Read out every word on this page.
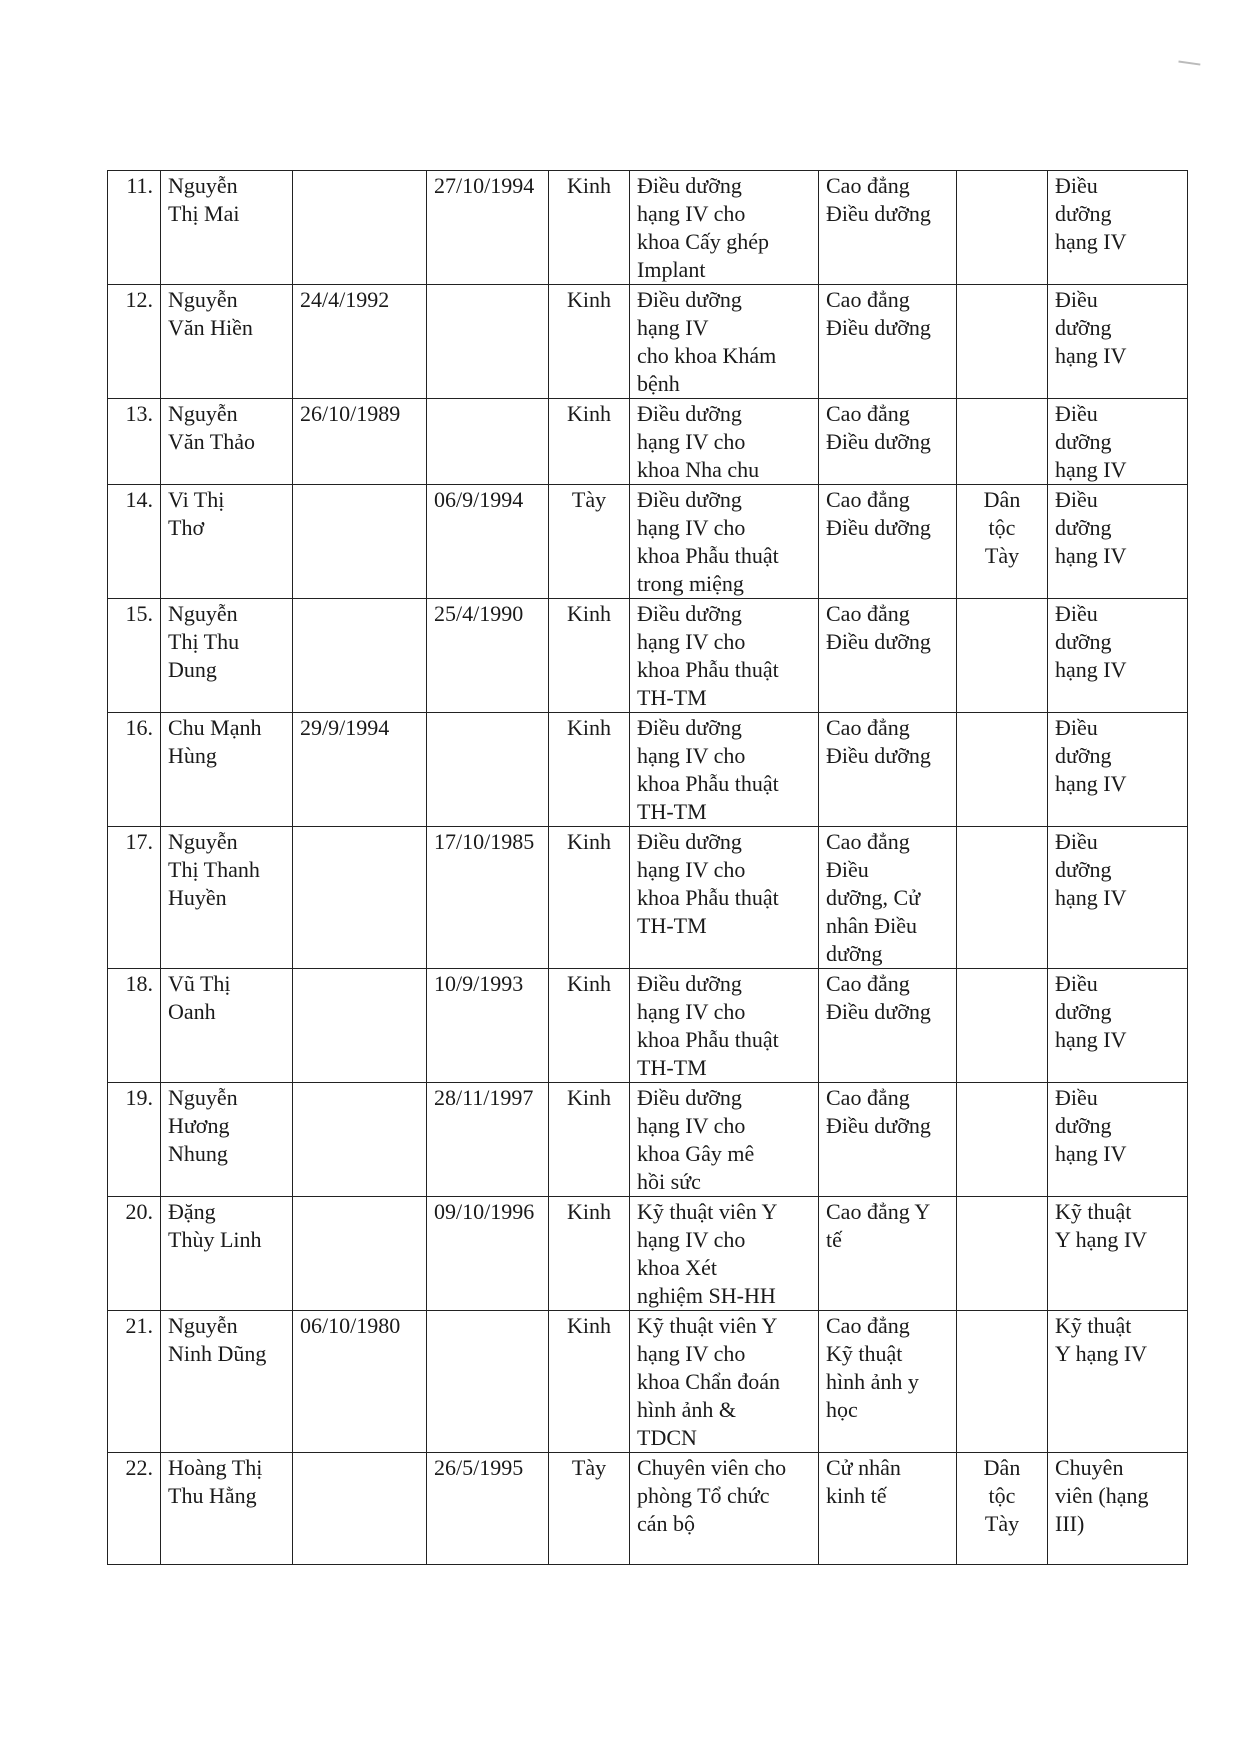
11.	Nguyễn
Thị Mai		27/10/1994	Kinh	Điều dưỡng
hạng IV cho
khoa Cấy ghép
Implant	Cao đẳng
Điều dưỡng		Điều
dưỡng
hạng IV
12.	Nguyễn
Văn Hiền	24/4/1992		Kinh	Điều dưỡng
hạng IV
cho khoa Khám
bệnh	Cao đẳng
Điều dưỡng		Điều
dưỡng
hạng IV
13.	Nguyễn
Văn Thảo	26/10/1989		Kinh	Điều dưỡng
hạng IV cho
khoa Nha chu	Cao đẳng
Điều dưỡng		Điều
dưỡng
hạng IV
14.	Vi Thị
Thơ		06/9/1994	Tày	Điều dưỡng
hạng IV cho
khoa Phẫu thuật
trong miệng	Cao đẳng
Điều dưỡng	Dân
tộc
Tày	Điều
dưỡng
hạng IV
15.	Nguyễn
Thị Thu
Dung		25/4/1990	Kinh	Điều dưỡng
hạng IV cho
khoa Phẫu thuật
TH-TM	Cao đẳng
Điều dưỡng		Điều
dưỡng
hạng IV
16.	Chu Mạnh
Hùng	29/9/1994		Kinh	Điều dưỡng
hạng IV cho
khoa Phẫu thuật
TH-TM	Cao đẳng
Điều dưỡng		Điều
dưỡng
hạng IV
17.	Nguyễn
Thị Thanh
Huyền		17/10/1985	Kinh	Điều dưỡng
hạng IV cho
khoa Phẫu thuật
TH-TM	Cao đẳng
Điều
dưỡng, Cử
nhân Điều
dưỡng		Điều
dưỡng
hạng IV
18.	Vũ Thị
Oanh		10/9/1993	Kinh	Điều dưỡng
hạng IV cho
khoa Phẫu thuật
TH-TM	Cao đẳng
Điều dưỡng		Điều
dưỡng
hạng IV
19.	Nguyễn
Hương
Nhung		28/11/1997	Kinh	Điều dưỡng
hạng IV cho
khoa Gây mê
hồi sức	Cao đẳng
Điều dưỡng		Điều
dưỡng
hạng IV
20.	Đặng
Thùy Linh		09/10/1996	Kinh	Kỹ thuật viên Y
hạng IV cho
khoa Xét
nghiệm SH-HH	Cao đẳng Y
tế		Kỹ thuật
Y hạng IV
21.	Nguyễn
Ninh Dũng	06/10/1980		Kinh	Kỹ thuật viên Y
hạng IV cho
khoa Chẩn đoán
hình ảnh &
TDCN	Cao đẳng
Kỹ thuật
hình ảnh y
học		Kỹ thuật
Y hạng IV
22.	Hoàng Thị
Thu Hằng		26/5/1995	Tày	Chuyên viên cho
phòng Tổ chức
cán bộ	Cử nhân
kinh tế	Dân
tộc
Tày	Chuyên
viên (hạng
III)
